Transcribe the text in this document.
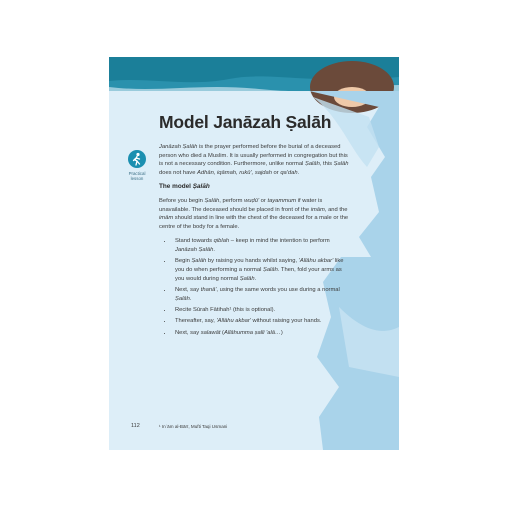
Model Janāzah Ṣalāh
Practical lesson

Janāzah Ṣalāh is the prayer performed before the burial of a deceased person who died a Muslim. It is usually performed in congregation but this is not a necessary condition. Furthermore, unlike normal Ṣalāh, this Ṣalāh does not have Adhān, iqāmah, rukū', sajdah or qa'dah.

The model Ṣalāh

Before you begin Ṣalāh, perform wuḍū' or tayammum if water is unavailable. The deceased should be placed in front of the imām, and the imām should stand in line with the chest of the deceased for a male or the centre of the body for a female.

• Stand towards qiblah – keep in mind the intention to perform Janāzah Ṣalāh.
• Begin Ṣalāh by raising you hands whilst saying, 'Allāhu akbar' like you do when performing a normal Ṣalāh. Then, fold your arms as you would during normal Ṣalāh.
• Next, say thanā', using the same words you use during a normal Ṣalāh.
• Recite Sūrah Fātihah¹ (this is optional).
• Thereafter, say, 'Allāhu akbar' without raising your hands.
• Next, say salawāt (Allāhumma ṣalli 'alā…)
112	¹ Inʿām al-Bārī, Mufti Taqi Usmani
